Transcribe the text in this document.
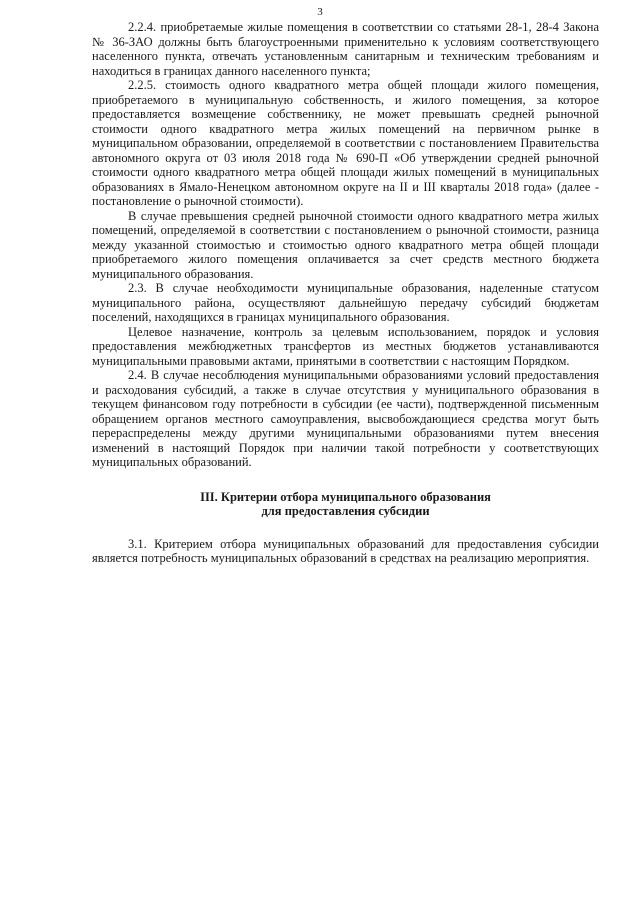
3

2.2.4. приобретаемые жилые помещения в соответствии со статьями 28-1, 28-4 Закона № 36-ЗАО должны быть благоустроенными применительно к условиям соответствующего населенного пункта, отвечать установленным санитарным и техническим требованиям и находиться в границах данного населенного пункта;

2.2.5. стоимость одного квадратного метра общей площади жилого помещения, приобретаемого в муниципальную собственность, и жилого помещения, за которое предоставляется возмещение собственнику, не может превышать средней рыночной стоимости одного квадратного метра жилых помещений на первичном рынке в муниципальном образовании, определяемой в соответствии с постановлением Правительства автономного округа от 03 июля 2018 года № 690-П «Об утверждении средней рыночной стоимости одного квадратного метра общей площади жилых помещений в муниципальных образованиях в Ямало-Ненецком автономном округе на II и III кварталы 2018 года» (далее - постановление о рыночной стоимости).

В случае превышения средней рыночной стоимости одного квадратного метра жилых помещений, определяемой в соответствии с постановлением о рыночной стоимости, разница между указанной стоимостью и стоимостью одного квадратного метра общей площади приобретаемого жилого помещения оплачивается за счет средств местного бюджета муниципального образования.

2.3. В случае необходимости муниципальные образования, наделенные статусом муниципального района, осуществляют дальнейшую передачу субсидий бюджетам поселений, находящихся в границах муниципального образования.

Целевое назначение, контроль за целевым использованием, порядок и условия предоставления межбюджетных трансфертов из местных бюджетов устанавливаются муниципальными правовыми актами, принятыми в соответствии с настоящим Порядком.

2.4. В случае несоблюдения муниципальными образованиями условий предоставления и расходования субсидий, а также в случае отсутствия у муниципального образования в текущем финансовом году потребности в субсидии (ее части), подтвержденной письменным обращением органов местного самоуправления, высвобождающиеся средства могут быть перераспределены между другими муниципальными образованиями путем внесения изменений в настоящий Порядок при наличии такой потребности у соответствующих муниципальных образований.

III. Критерии отбора муниципального образования
для предоставления субсидии

3.1. Критерием отбора муниципальных образований для предоставления субсидии является потребность муниципальных образований в средствах на реализацию мероприятия.
